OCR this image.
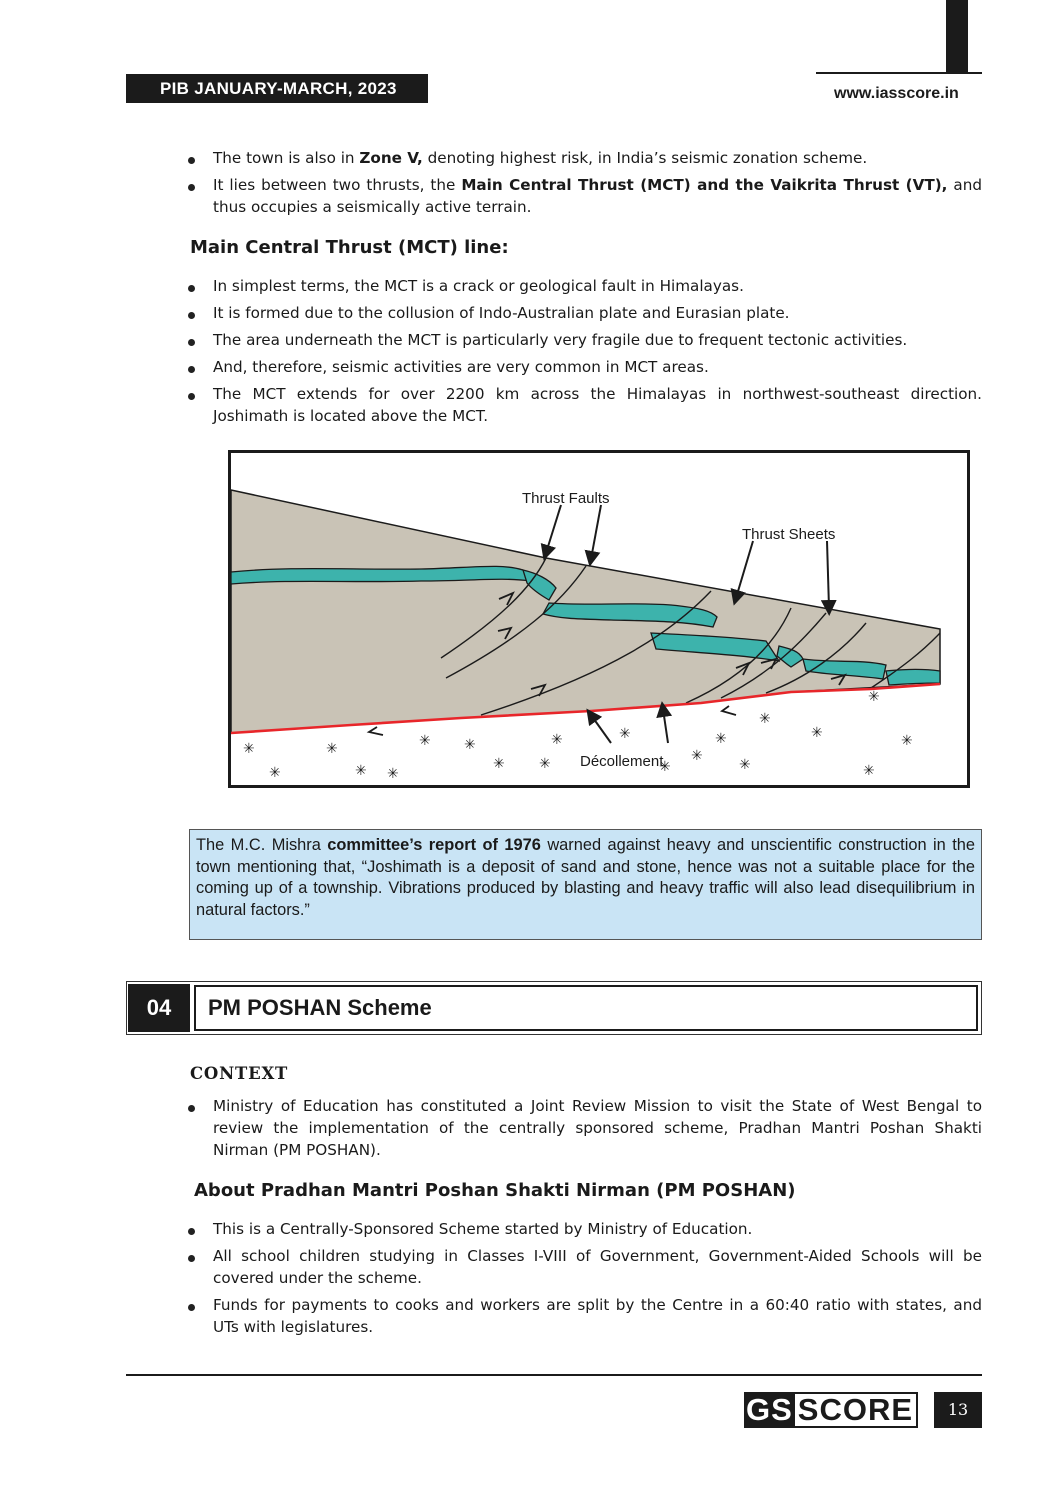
PIB JANUARY-MARCH, 2023	www.iasscore.in
The town is also in Zone V, denoting highest risk, in India’s seismic zonation scheme.
It lies between two thrusts, the Main Central Thrust (MCT) and the Vaikrita Thrust (VT), and thus occupies a seismically active terrain.
Main Central Thrust (MCT) line:
In simplest terms, the MCT is a crack or geological fault in Himalayas.
It is formed due to the collusion of Indo-Australian plate and Eurasian plate.
The area underneath the MCT is particularly very fragile due to frequent tectonic activities.
And, therefore, seismic activities are very common in MCT areas.
The MCT extends for over 2200 km across the Himalayas in northwest-southeast direction. Joshimath is located above the MCT.
✳
✳
✳
✳ ✳
✳ ✳
✳ ✳
✳	✳
✳
✳
✳
✳
✳
✳
✳
✳
✳
Thrust Faults
Thrust Sheets
Décollement
The M.C. Mishra committee’s report of 1976 warned against heavy and unscientific construction in the town mentioning that, “Joshimath is a deposit of sand and stone, hence was not a suitable place for the coming up of a township. Vibrations produced by blasting and heavy traffic will also lead disequilibrium in natural factors.”
04	PM POSHAN Scheme
CONTEXT
Ministry of Education has constituted a Joint Review Mission to visit the State of West Bengal to review the implementation of the centrally sponsored scheme, Pradhan Mantri Poshan Shakti Nirman (PM POSHAN).
About Pradhan Mantri Poshan Shakti Nirman (PM POSHAN)
This is a Centrally-Sponsored Scheme started by Ministry of Education.
All school children studying in Classes I-VIII of Government, Government-Aided Schools will be covered under the scheme.
Funds for payments to cooks and workers are split by the Centre in a 60:40 ratio with states, and UTs with legislatures.
GS SCORE	13
